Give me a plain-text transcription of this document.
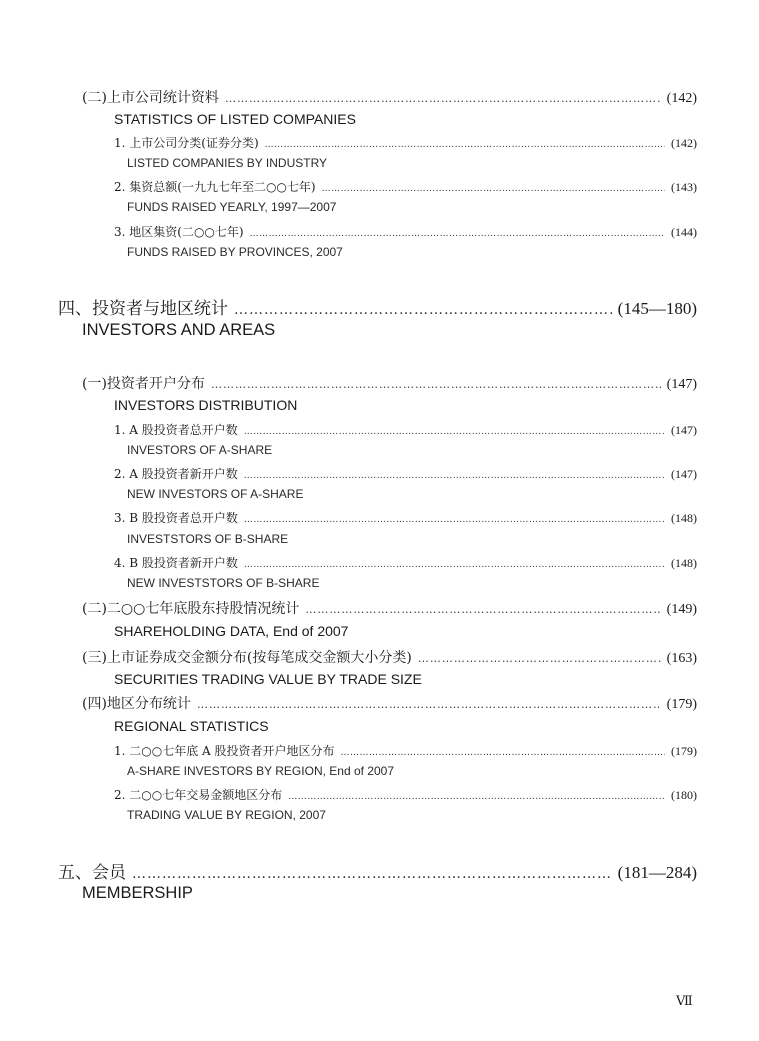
(二)上市公司统计资料 ………………………………………………………………………………………………………………………………………………………………………………………………………………………………………………………………………	(142)
STATISTICS OF LISTED COMPANIES
1. 上市公司分类(证券分类) ………………………………………………………………………………………………………………………………………………………………………………………………………………………………………………………………………	(142)
LISTED COMPANIES BY INDUSTRY
2. 集资总额(一九九七年至二○○七年) ………………………………………………………………………………………………………………………………………………………………………………………………………………………………………………………………………	(143)
FUNDS RAISED YEARLY, 1997—2007
3. 地区集资(二○○七年) ………………………………………………………………………………………………………………………………………………………………………………………………………………………………………………………………………	(144)
FUNDS RAISED BY PROVINCES, 2007
四、投资者与地区统计 ………………………………………………………………………………………………………………………………………………………………………………………………………………………………………………………………………	(145—180)
INVESTORS AND AREAS
(一)投资者开户分布 ………………………………………………………………………………………………………………………………………………………………………………………………………………………………………………………………………	(147)
INVESTORS DISTRIBUTION
1. A 股投资者总开户数 ………………………………………………………………………………………………………………………………………………………………………………………………………………………………………………………………………	(147)
INVESTORS OF A-SHARE
2. A 股投资者新开户数 ………………………………………………………………………………………………………………………………………………………………………………………………………………………………………………………………………	(147)
NEW INVESTORS OF A-SHARE
3. B 股投资者总开户数 ………………………………………………………………………………………………………………………………………………………………………………………………………………………………………………………………………	(148)
INVESTSTORS OF B-SHARE
4. B 股投资者新开户数 ………………………………………………………………………………………………………………………………………………………………………………………………………………………………………………………………………	(148)
NEW INVESTSTORS OF B-SHARE
(二)二○○七年底股东持股情况统计 ………………………………………………………………………………………………………………………………………………………………………………………………………………………………………………………………………	(149)
SHAREHOLDING DATA, End of 2007
(三)上市证券成交金额分布(按每笔成交金额大小分类) ………………………………………………………………………………………………………………………………………………………………………………………………………………………………………………………………………	(163)
SECURITIES TRADING VALUE BY TRADE SIZE
(四)地区分布统计 ………………………………………………………………………………………………………………………………………………………………………………………………………………………………………………………………………	(179)
REGIONAL STATISTICS
1. 二○○七年底 A 股投资者开户地区分布 ………………………………………………………………………………………………………………………………………………………………………………………………………………………………………………………………………	(179)
A-SHARE INVESTORS BY REGION, End of 2007
2. 二○○七年交易金额地区分布 ………………………………………………………………………………………………………………………………………………………………………………………………………………………………………………………………………	(180)
TRADING VALUE BY REGION, 2007
五、会员 ………………………………………………………………………………………………………………………………………………………………………………………………………………………………………………………………………	(181—284)
MEMBERSHIP
Ⅶ
